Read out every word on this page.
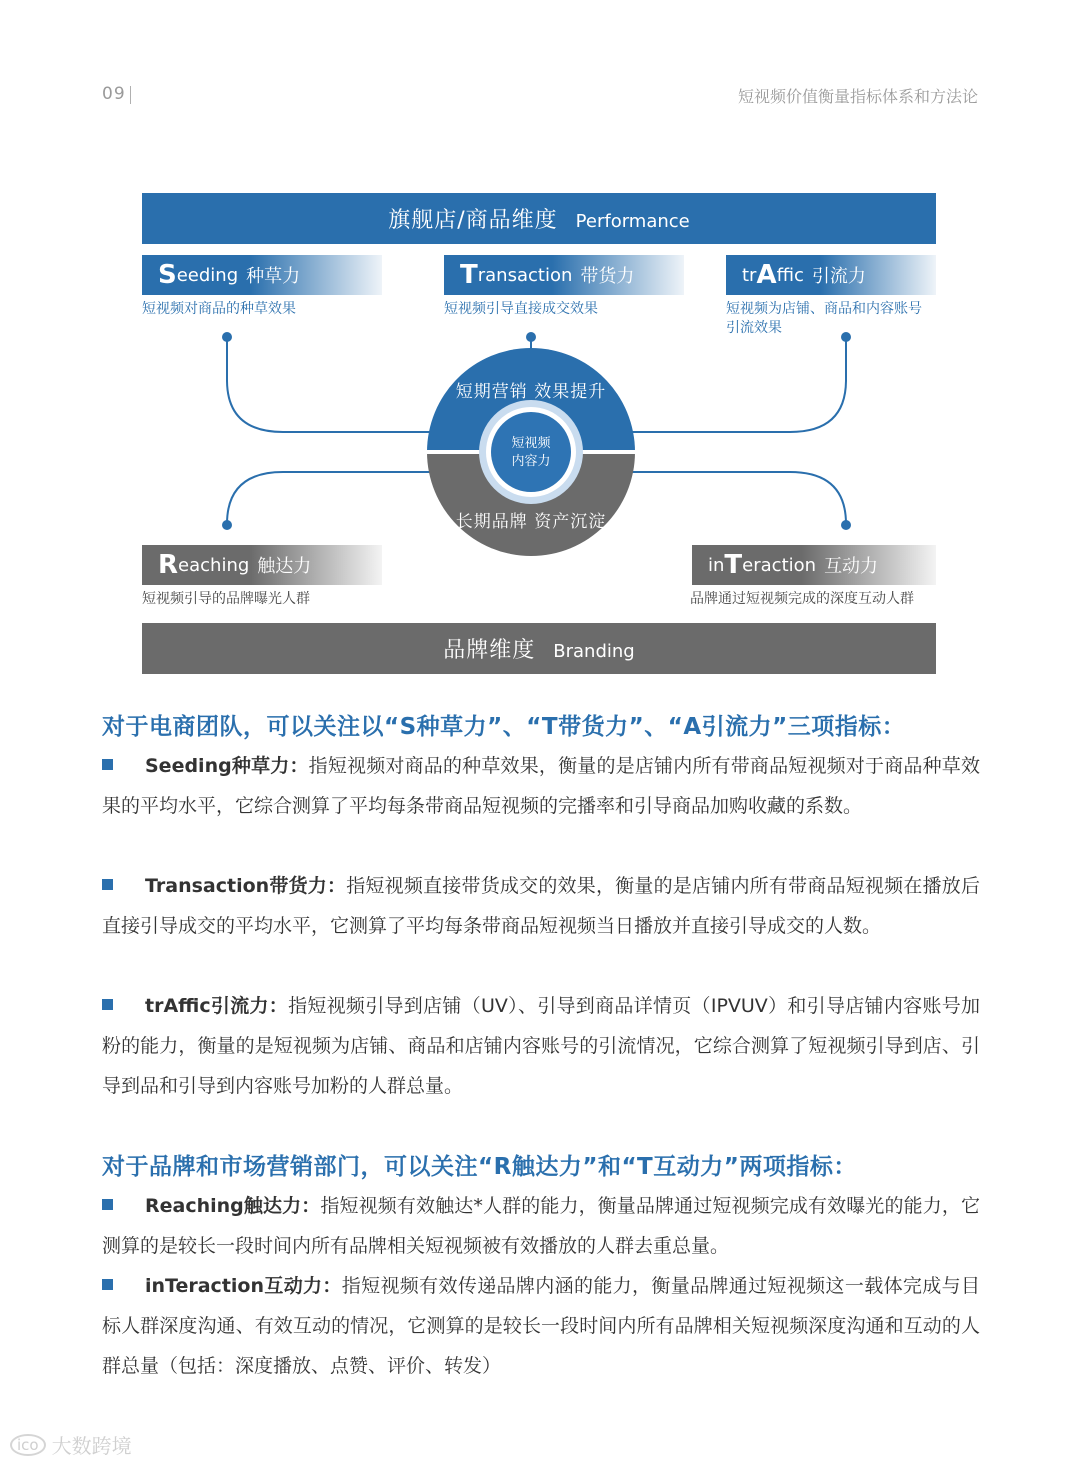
09	短视频价值衡量指标体系和方法论
旗舰店/商品维度 Performance
S eeding 种草力
短视频对商品的种草效果
T ransaction 带货力
短视频引导直接成交效果
tr A ffic 引流力
短视频为店铺、商品和内容账号
引流效果
短期营销 效果提升
短视频
内容力
长期品牌 资产沉淀
R eaching 触达力
短视频引导的品牌曝光人群
in T eraction 互动力
品牌通过短视频完成的深度互动人群
品牌维度 Branding
对于电商团队，可以关注以“S种草力”、“T带货力”、“A引流力”三项指标：
Seeding种草力：指短视频对商品的种草效果，衡量的是店铺内所有带商品短视频对于商品种草效果的平均水平，它综合测算了平均每条带商品短视频的完播率和引导商品加购收藏的系数。
Transaction带货力：指短视频直接带货成交的效果，衡量的是店铺内所有带商品短视频在播放后直接引导成交的平均水平，它测算了平均每条带商品短视频当日播放并直接引导成交的人数。
trAffic引流力：指短视频引导到店铺（UV）、引导到商品详情页（IPVUV）和引导店铺内容账号加粉的能力，衡量的是短视频为店铺、商品和店铺内容账号的引流情况，它综合测算了短视频引导到店、引导到品和引导到内容账号加粉的人群总量。
对于品牌和市场营销部门，可以关注“R触达力”和“T互动力”两项指标：
Reaching触达力：指短视频有效触达*人群的能力，衡量品牌通过短视频完成有效曝光的能力，它测算的是较长一段时间内所有品牌相关短视频被有效播放的人群去重总量。
inTeraction互动力：指短视频有效传递品牌内涵的能力，衡量品牌通过短视频这一载体完成与目标人群深度沟通、有效互动的情况，它测算的是较长一段时间内所有品牌相关短视频深度沟通和互动的人群总量（包括：深度播放、点赞、评价、转发）
ico 大数跨境
